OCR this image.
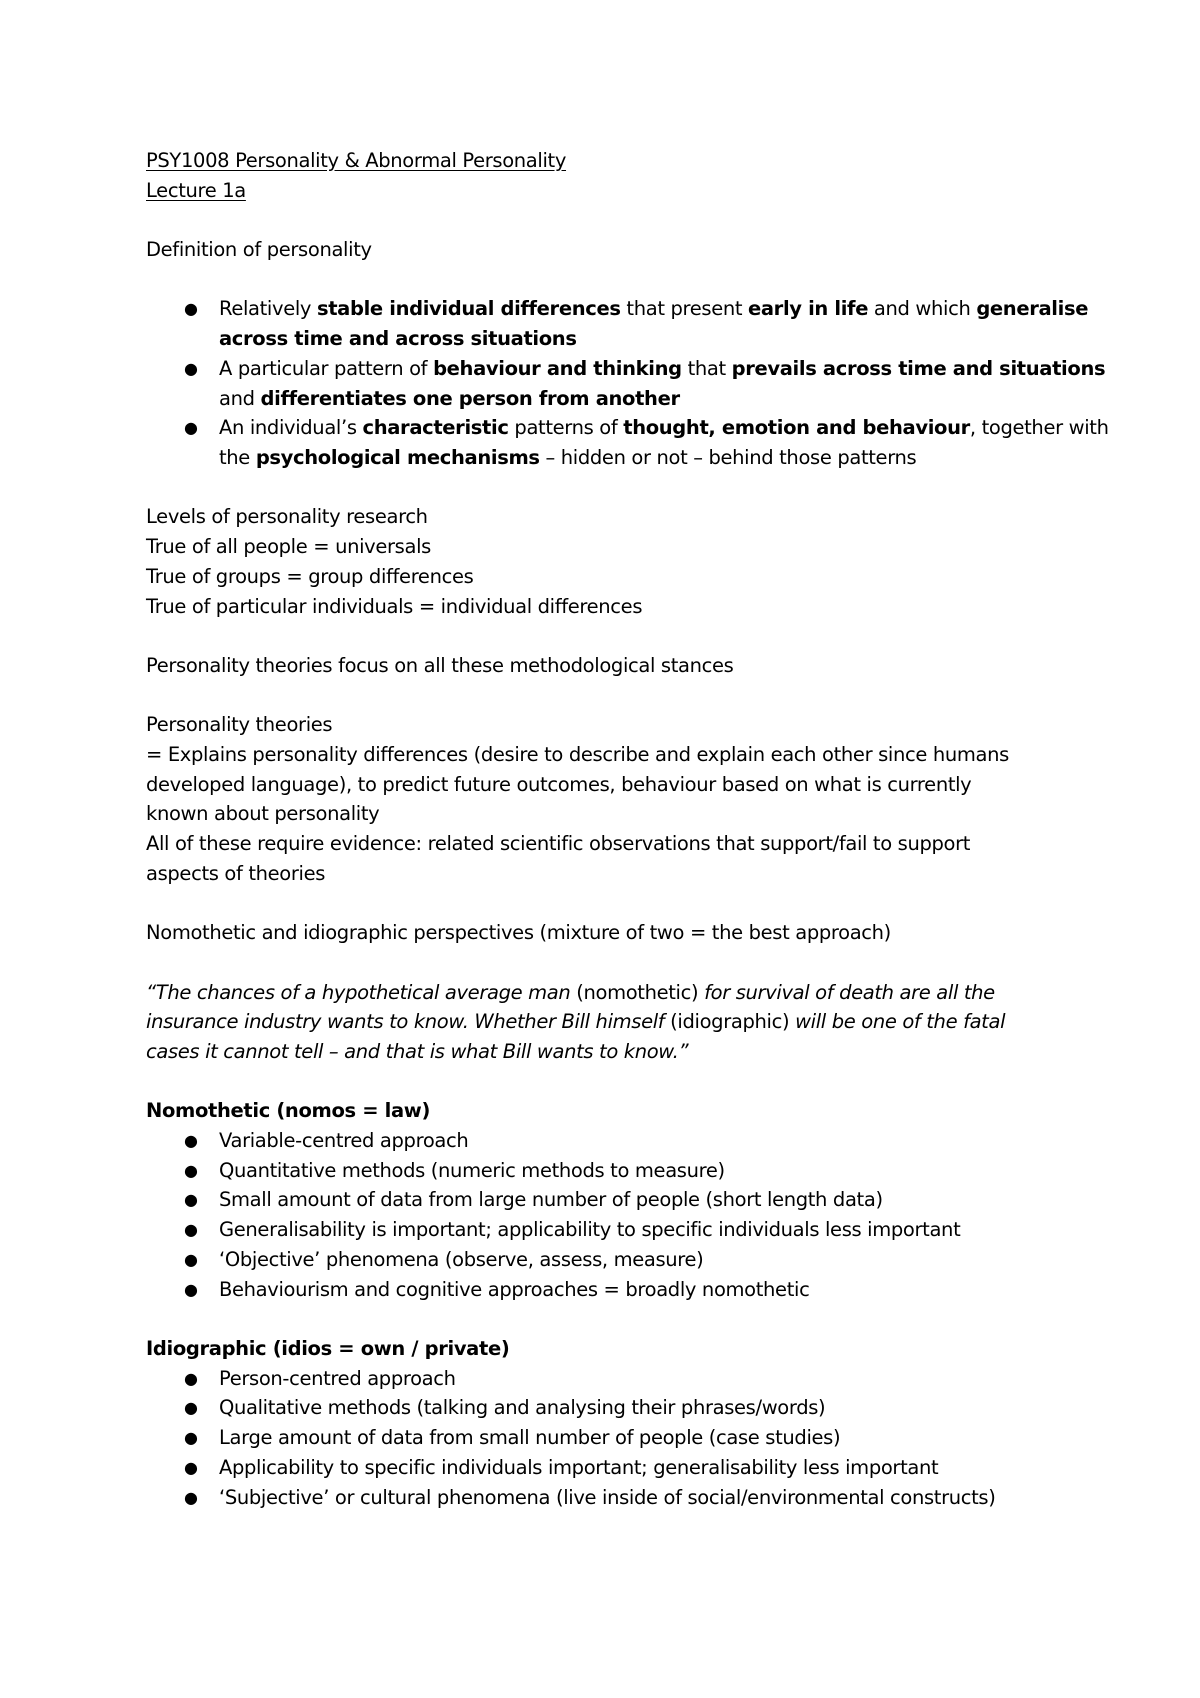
PSY1008 Personality & Abnormal Personality
Lecture 1a
Definition of personality
● Relatively stable individual differences that present early in life and which generalise across time and across situations
● A particular pattern of behaviour and thinking that prevails across time and situations and differentiates one person from another
● An individual’s characteristic patterns of thought, emotion and behaviour, together with the psychological mechanisms – hidden or not – behind those patterns
Levels of personality research
True of all people = universals
True of groups = group differences
True of particular individuals = individual differences
Personality theories focus on all these methodological stances
Personality theories
= Explains personality differences (desire to describe and explain each other since humans
developed language), to predict future outcomes, behaviour based on what is currently
known about personality
All of these require evidence: related scientific observations that support/fail to support
aspects of theories
Nomothetic and idiographic perspectives (mixture of two = the best approach)
“The chances of a hypothetical average man (nomothetic) for survival of death are all the
insurance industry wants to know. Whether Bill himself (idiographic) will be one of the fatal
cases it cannot tell – and that is what Bill wants to know.”
Nomothetic (nomos = law)
● Variable-centred approach
● Quantitative methods (numeric methods to measure)
● Small amount of data from large number of people (short length data)
● Generalisability is important; applicability to specific individuals less important
● ‘Objective’ phenomena (observe, assess, measure)
● Behaviourism and cognitive approaches = broadly nomothetic
Idiographic (idios = own / private)
● Person-centred approach
● Qualitative methods (talking and analysing their phrases/words)
● Large amount of data from small number of people (case studies)
● Applicability to specific individuals important; generalisability less important
● ‘Subjective’ or cultural phenomena (live inside of social/environmental constructs)
